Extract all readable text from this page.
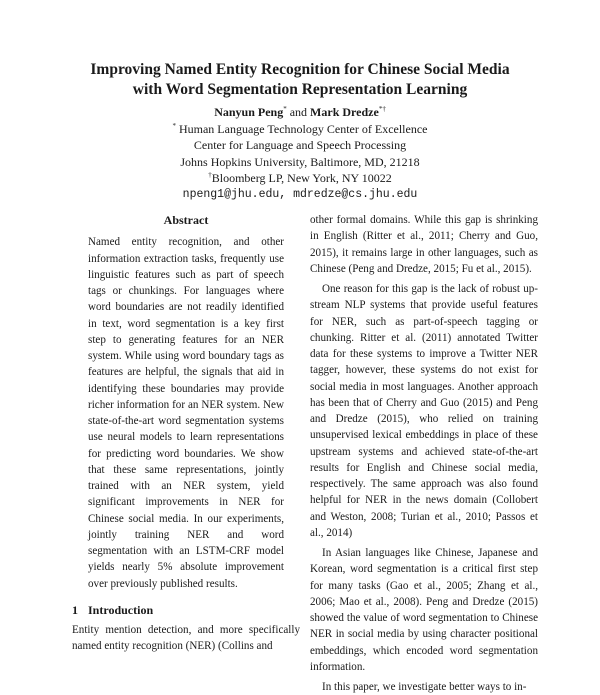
Improving Named Entity Recognition for Chinese Social Media
with Word Segmentation Representation Learning
Nanyun Peng* and Mark Dredze*†
* Human Language Technology Center of Excellence
Center for Language and Speech Processing
Johns Hopkins University, Baltimore, MD, 21218
†Bloomberg LP, New York, NY 10022
npeng1@jhu.edu, mdredze@cs.jhu.edu
Abstract
Named entity recognition, and other information extraction tasks, frequently use linguistic features such as part of speech tags or chunkings. For languages where word boundaries are not readily identified in text, word segmentation is a key first step to generating features for an NER system. While using word boundary tags as features are helpful, the signals that aid in identifying these boundaries may provide richer information for an NER system. New state-of-the-art word segmentation systems use neural models to learn representations for predicting word boundaries. We show that these same representations, jointly trained with an NER system, yield significant improvements in NER for Chinese social media. In our experiments, jointly training NER and word segmentation with an LSTM-CRF model yields nearly 5% absolute improvement over previously published results.
1 Introduction

Entity mention detection, and more specifically named entity recognition (NER) (Collins and

other formal domains. While this gap is shrinking in English (Ritter et al., 2011; Cherry and Guo, 2015), it remains large in other languages, such as Chinese (Peng and Dredze, 2015; Fu et al., 2015).

One reason for this gap is the lack of robust up-stream NLP systems that provide useful features for NER, such as part-of-speech tagging or chunking. Ritter et al. (2011) annotated Twitter data for these systems to improve a Twitter NER tagger, however, these systems do not exist for social media in most languages. Another approach has been that of Cherry and Guo (2015) and Peng and Dredze (2015), who relied on training unsupervised lexical embeddings in place of these upstream systems and achieved state-of-the-art results for English and Chinese social media, respectively. The same approach was also found helpful for NER in the news domain (Collobert and Weston, 2008; Turian et al., 2010; Passos et al., 2014)

In Asian languages like Chinese, Japanese and Korean, word segmentation is a critical first step for many tasks (Gao et al., 2005; Zhang et al., 2006; Mao et al., 2008). Peng and Dredze (2015) showed the value of word segmentation to Chinese NER in social media by using character positional embeddings, which encoded word segmentation information.

In this paper, we investigate better ways to in-
